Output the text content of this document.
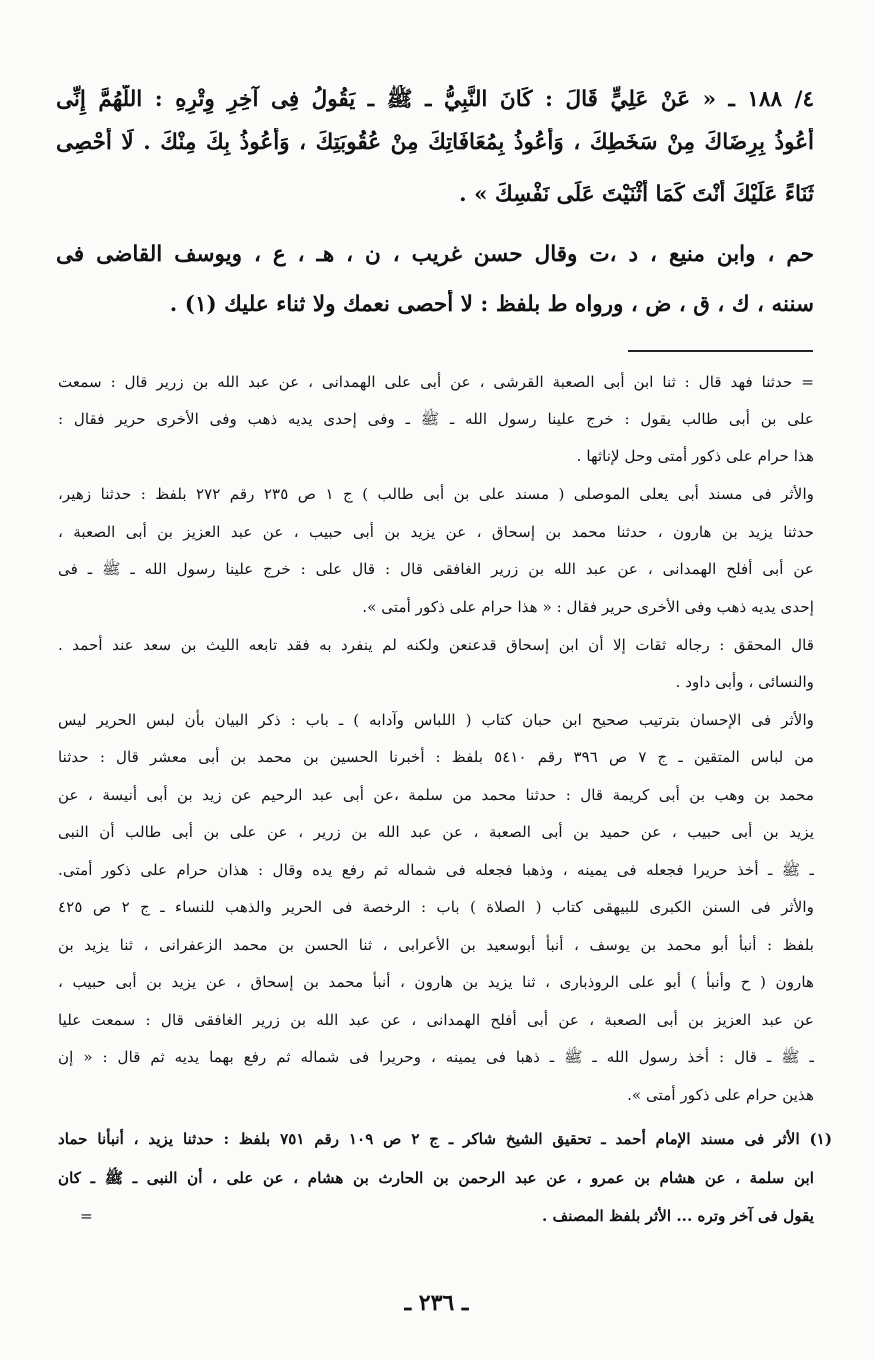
٤/ ١٨٨ ـ « عَنْ عَلِيٍّ قَالَ : كَانَ النَّبِيُّ ـ ﷺ ـ يَقُولُ فِى آخِرِ وِتْرِهِ : اللَّهُمَّ إِنِّى
أَعُوذُ بِرِضَاكَ مِنْ سَخَطِكَ ، وَأَعُوذُ بِمُعَافَاتِكَ مِنْ عُقُوبَتِكَ ، وَأَعُوذُ بِكَ مِنْكَ . لَا أُحْصِى
ثَنَاءً عَلَيْكَ أَنْتَ كَمَا أَثْنَيْتَ عَلَى نَفْسِكَ » .
حم ، وابن منيع ، د ،ت وقال حسن غريب ، ن ، هـ ، ع ، ويوسف القاضى فى
سننه ، ك ، ق ، ض ، ورواه ط بلفظ : لا أحصى نعمك ولا ثناء عليك (١) .
= حدثنا فهد قال : ثنا ابن أبى الصعبة القرشى ، عن أبى على الهمدانى ، عن عبد الله بن زرير قال : سمعت
على بن أبى طالب يقول : خرج علينا رسول الله ـ ﷺ ـ وفى إحدى يديه ذهب وفى الأخرى حرير فقال :
هذا حرام على ذكور أمتى وحل لإناثها .
والأثر فى مسند أبى يعلى الموصلى ( مسند على بن أبى طالب ) ج ١ ص ٢٣٥ رقم ٢٧٢ بلفظ : حدثنا زهير،
حدثنا يزيد بن هارون ، حدثنا محمد بن إسحاق ، عن يزيد بن أبى حبيب ، عن عبد العزيز بن أبى الصعبة ،
عن أبى أفلح الهمدانى ، عن عبد الله بن زرير الغافقى قال : قال على : خرج علينا رسول الله ـ ﷺ ـ فى
إحدى يديه ذهب وفى الأخرى حرير فقال : « هذا حرام على ذكور أمتى ».
قال المحقق : رجاله ثقات إلا أن ابن إسحاق قدعنعن ولكنه لم ينفرد به فقد تابعه الليث بن سعد عند أحمد .
والنسائى ، وأبى داود .
والأثر فى الإحسان بترتيب صحيح ابن حبان كتاب ( اللباس وآدابه ) ـ باب : ذكر البيان بأن لبس الحرير ليس
من لباس المتقين ـ ج ٧ ص ٣٩٦ رقم ٥٤١٠ بلفظ : أخبرنا الحسين بن محمد بن أبى معشر قال : حدثنا
محمد بن وهب بن أبى كريمة قال : حدثنا محمد من سلمة ،عن أبى عبد الرحيم عن زيد بن أبى أنيسة ، عن
يزيد بن أبى حبيب ، عن حميد بن أبى الصعبة ، عن عبد الله بن زرير ، عن على بن أبى طالب أن النبى
ـ ﷺ ـ أخذ حريرا فجعله فى يمينه ، وذهبا فجعله فى شماله ثم رفع يده وقال : هذان حرام على ذكور أمتى.
والأثر فى السنن الكبرى للبيهقى كتاب ( الصلاة ) باب : الرخصة فى الحرير والذهب للنساء ـ ج ٢ ص ٤٢٥
بلفظ : أنبأ أبو محمد بن يوسف ، أنبأ أبوسعيد بن الأعرابى ، ثنا الحسن بن محمد الزعفرانى ، ثنا يزيد بن
هارون ( ح وأنبأ ) أبو على الروذبارى ، ثنا يزيد بن هارون ، أنبأ محمد بن إسحاق ، عن يزيد بن أبى حبيب ،
عن عبد العزيز بن أبى الصعبة ، عن أبى أفلح الهمدانى ، عن عبد الله بن زرير الغافقى قال : سمعت عليا
ـ ﷺ ـ قال : أخذ رسول الله ـ ﷺ ـ ذهبا فى يمينه ، وحريرا فى شماله ثم رفع بهما يديه ثم قال : « إن
هذين حرام على ذكور أمتى ».
(١) الأثر فى مسند الإمام أحمد ـ تحقيق الشيخ شاكر ـ ج ٢ ص ١٠٩ رقم ٧٥١ بلفظ : حدثنا يزيد ، أنبأنا حماد
ابن سلمة ، عن هشام بن عمرو ، عن عبد الرحمن بن الحارث بن هشام ، عن على ، أن النبى ـ ﷺ ـ كان
يقول فى آخر وتره ... الأثر بلفظ المصنف .
=
ـ ٢٣٦ ـ
